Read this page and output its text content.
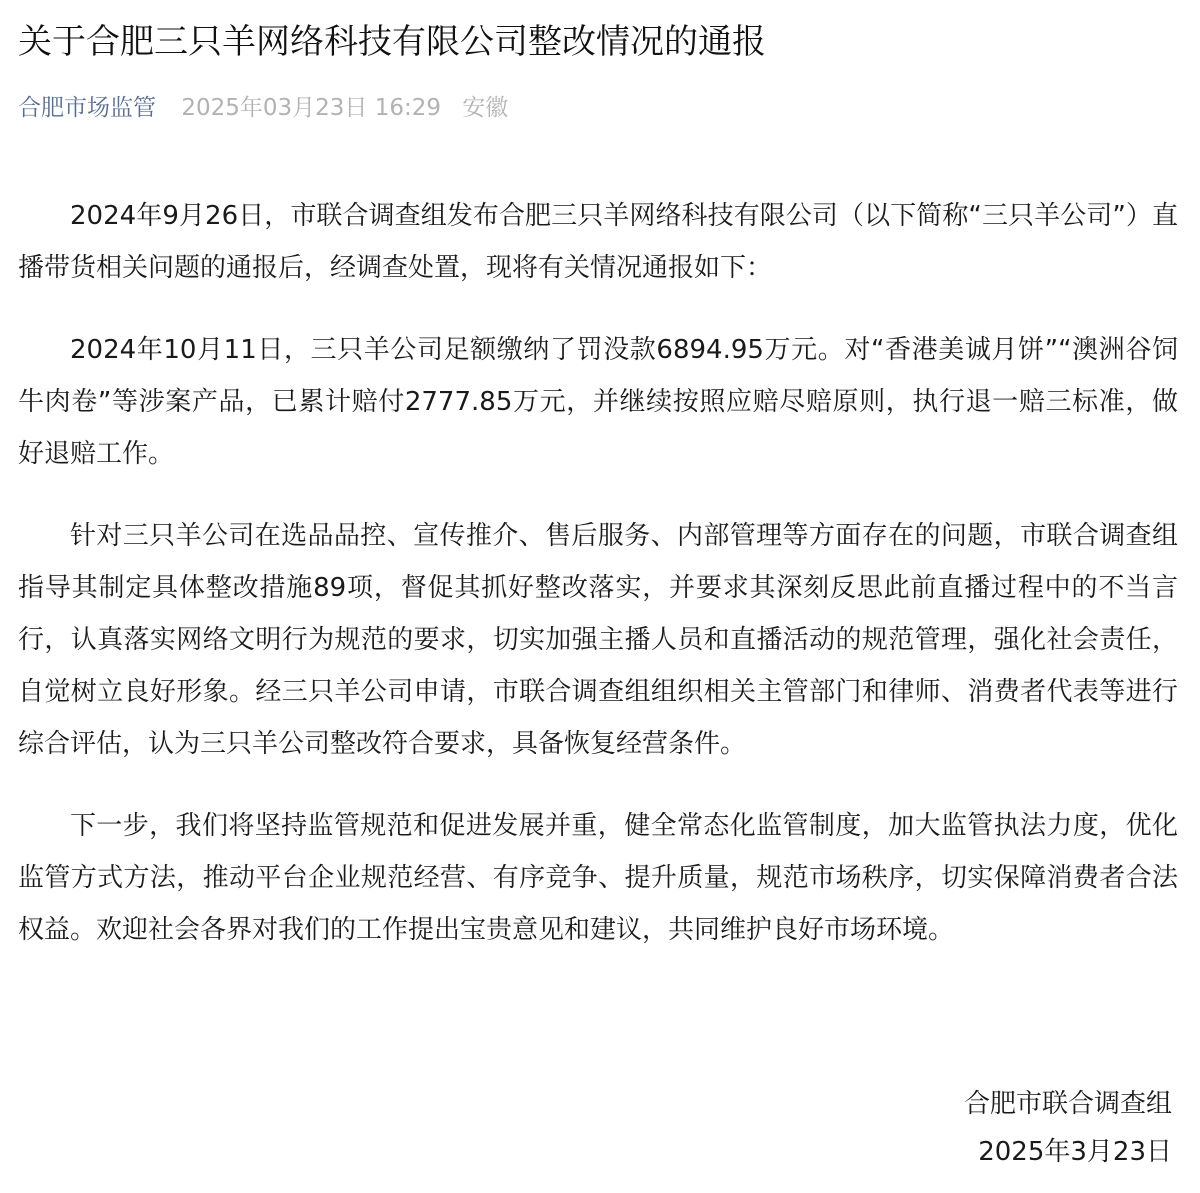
关于合肥三只羊网络科技有限公司整改情况的通报
合肥市场监管 2025年03月23日 16:29 安徽

2024年9月26日，市联合调查组发布合肥三只羊网络科技有限公司（以下简称“三只羊公司”）直播带货相关问题的通报后，经调查处置，现将有关情况通报如下：

2024年10月11日，三只羊公司足额缴纳了罚没款6894.95万元。对“香港美诚月饼”“澳洲谷饲牛肉卷”等涉案产品，已累计赔付2777.85万元，并继续按照应赔尽赔原则，执行退一赔三标准，做好退赔工作。

针对三只羊公司在选品品控、宣传推介、售后服务、内部管理等方面存在的问题，市联合调查组指导其制定具体整改措施89项，督促其抓好整改落实，并要求其深刻反思此前直播过程中的不当言行，认真落实网络文明行为规范的要求，切实加强主播人员和直播活动的规范管理，强化社会责任，自觉树立良好形象。经三只羊公司申请，市联合调查组组织相关主管部门和律师、消费者代表等进行综合评估，认为三只羊公司整改符合要求，具备恢复经营条件。

下一步，我们将坚持监管规范和促进发展并重，健全常态化监管制度，加大监管执法力度，优化监管方式方法，推动平台企业规范经营、有序竞争、提升质量，规范市场秩序，切实保障消费者合法权益。欢迎社会各界对我们的工作提出宝贵意见和建议，共同维护良好市场环境。

合肥市联合调查组
2025年3月23日
